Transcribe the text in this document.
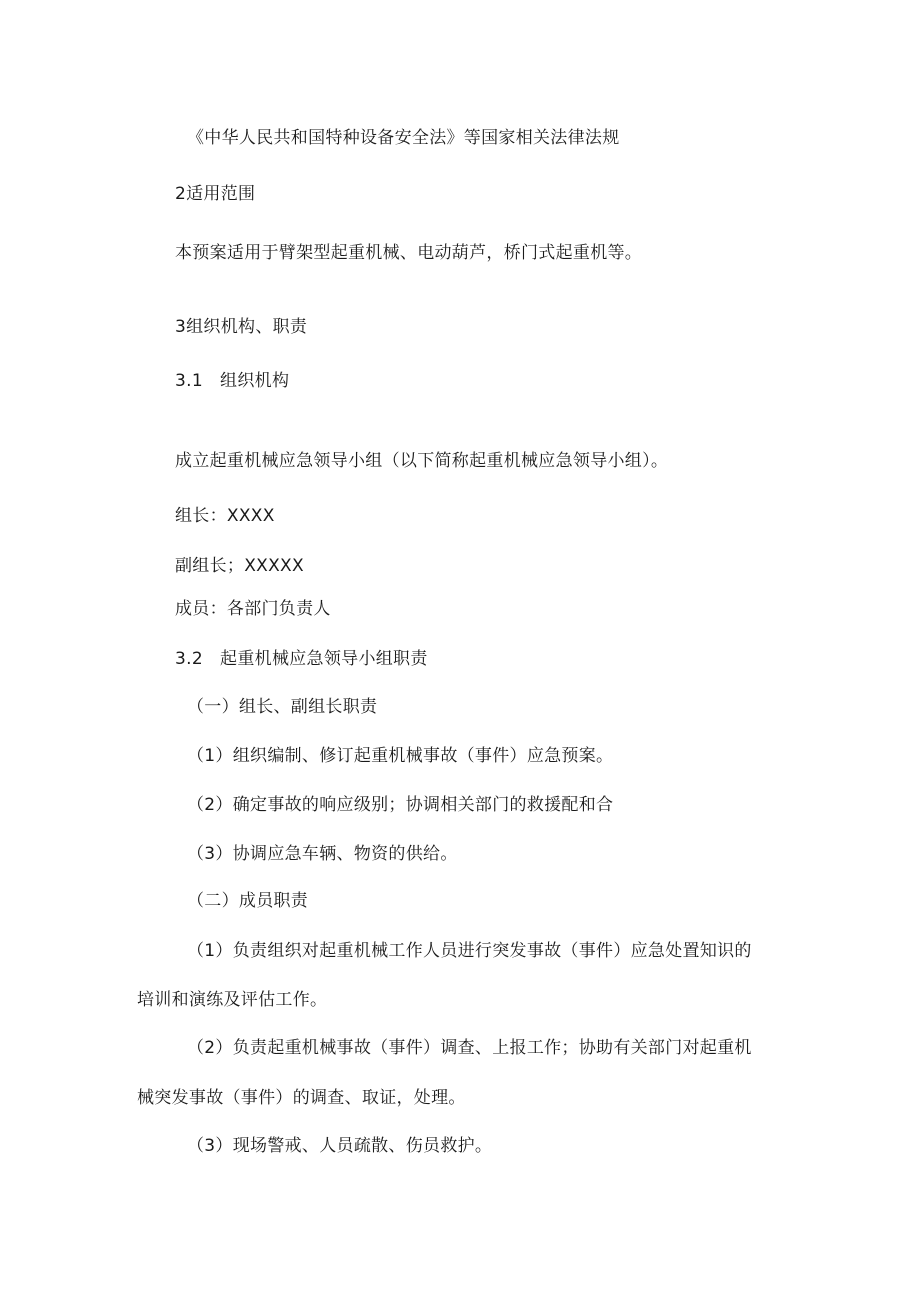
《中华人民共和国特种设备安全法》等国家相关法律法规
2适用范围
本预案适用于臂架型起重机械、电动葫芦，桥门式起重机等。
3组织机构、职责
3.1   组织机构
成立起重机械应急领导小组（以下简称起重机械应急领导小组）。
组长：XXXX
副组长；XXXXX
成员：各部门负责人
3.2   起重机械应急领导小组职责
（一）组长、副组长职责
（1）组织编制、修订起重机械事故（事件）应急预案。
（2）确定事故的响应级别；协调相关部门的救援配和合
（3）协调应急车辆、物资的供给。
（二）成员职责
（1）负责组织对起重机械工作人员进行突发事故（事件）应急处置知识的
培训和演练及评估工作。
（2）负责起重机械事故（事件）调查、上报工作；协助有关部门对起重机
械突发事故（事件）的调查、取证，处理。
（3）现场警戒、人员疏散、伤员救护。
